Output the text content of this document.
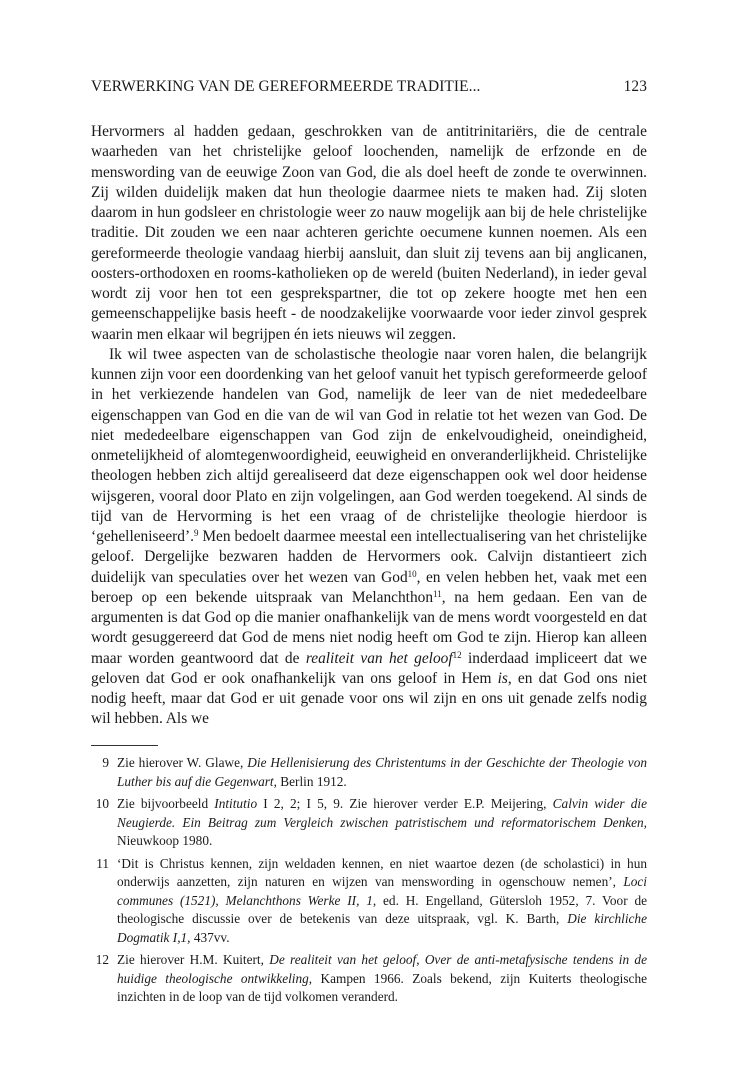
VERWERKING VAN DE GEREFORMEERDE TRADITIE...	123

Hervormers al hadden gedaan, geschrokken van de antitrinitariërs, die de centrale waarheden van het christelijke geloof loochenden, namelijk de erfzonde en de menswording van de eeuwige Zoon van God, die als doel heeft de zonde te overwinnen. Zij wilden duidelijk maken dat hun theologie daarmee niets te maken had. Zij sloten daarom in hun godsleer en christologie weer zo nauw mogelijk aan bij de hele christelijke traditie. Dit zouden we een naar achteren gerichte oecumene kunnen noemen. Als een gereformeerde theologie vandaag hierbij aansluit, dan sluit zij tevens aan bij anglicanen, oosters-orthodoxen en rooms-katholieken op de wereld (buiten Nederland), in ieder geval wordt zij voor hen tot een gesprekspartner, die tot op zekere hoogte met hen een gemeenschappelijke basis heeft - de noodzakelijke voorwaarde voor ieder zinvol gesprek waarin men elkaar wil begrijpen én iets nieuws wil zeggen.

Ik wil twee aspecten van de scholastische theologie naar voren halen, die belangrijk kunnen zijn voor een doordenking van het geloof vanuit het typisch gereformeerde geloof in het verkiezende handelen van God, namelijk de leer van de niet mededeelbare eigenschappen van God en die van de wil van God in relatie tot het wezen van God. De niet mededeelbare eigenschappen van God zijn de enkelvoudigheid, oneindigheid, onmetelijkheid of alomtegenwoordigheid, eeuwigheid en onveranderlijkheid. Christelijke theologen hebben zich altijd gerealiseerd dat deze eigenschappen ook wel door heidense wijsgeren, vooral door Plato en zijn volgelingen, aan God werden toegekend. Al sinds de tijd van de Hervorming is het een vraag of de christelijke theologie hierdoor is ‘gehelleniseerd’.$^9$ Men bedoelt daarmee meestal een intellectualisering van het christelijke geloof. Dergelijke bezwaren hadden de Hervormers ook. Calvijn distantieert zich duidelijk van speculaties over het wezen van God$^{10}$, en velen hebben het, vaak met een beroep op een bekende uitspraak van Melanchthon$^{11}$, na hem gedaan. Een van de argumenten is dat God op die manier onafhankelijk van de mens wordt voorgesteld en dat wordt gesuggereerd dat God de mens niet nodig heeft om God te zijn. Hierop kan alleen maar worden geantwoord dat de realiteit van het geloof$^{12}$ inderdaad impliceert dat we geloven dat God er ook onafhankelijk van ons geloof in Hem is, en dat God ons niet nodig heeft, maar dat God er uit genade voor ons wil zijn en ons uit genade zelfs nodig wil hebben. Als we

9 Zie hierover W. Glawe, Die Hellenisierung des Christentums in der Geschichte der Theologie von Luther bis auf die Gegenwart, Berlin 1912.

10 Zie bijvoorbeeld Intitutio I 2, 2; I 5, 9. Zie hierover verder E.P. Meijering, Calvin wider die Neugierde. Ein Beitrag zum Vergleich zwischen patristischem und reformatorischem Denken, Nieuwkoop 1980.

11 ‘Dit is Christus kennen, zijn weldaden kennen, en niet waartoe dezen (de scholastici) in hun onderwijs aanzetten, zijn naturen en wijzen van menswording in ogenschouw nemen’, Loci communes (1521), Melanchthons Werke II, 1, ed. H. Engelland, Gütersloh 1952, 7. Voor de theologische discussie over de betekenis van deze uitspraak, vgl. K. Barth, Die kirchliche Dogmatik I,1, 437vv.

12 Zie hierover H.M. Kuitert, De realiteit van het geloof, Over de anti-metafysische tendens in de huidige theologische ontwikkeling, Kampen 1966. Zoals bekend, zijn Kuiterts theologische inzichten in de loop van de tijd volkomen veranderd.
